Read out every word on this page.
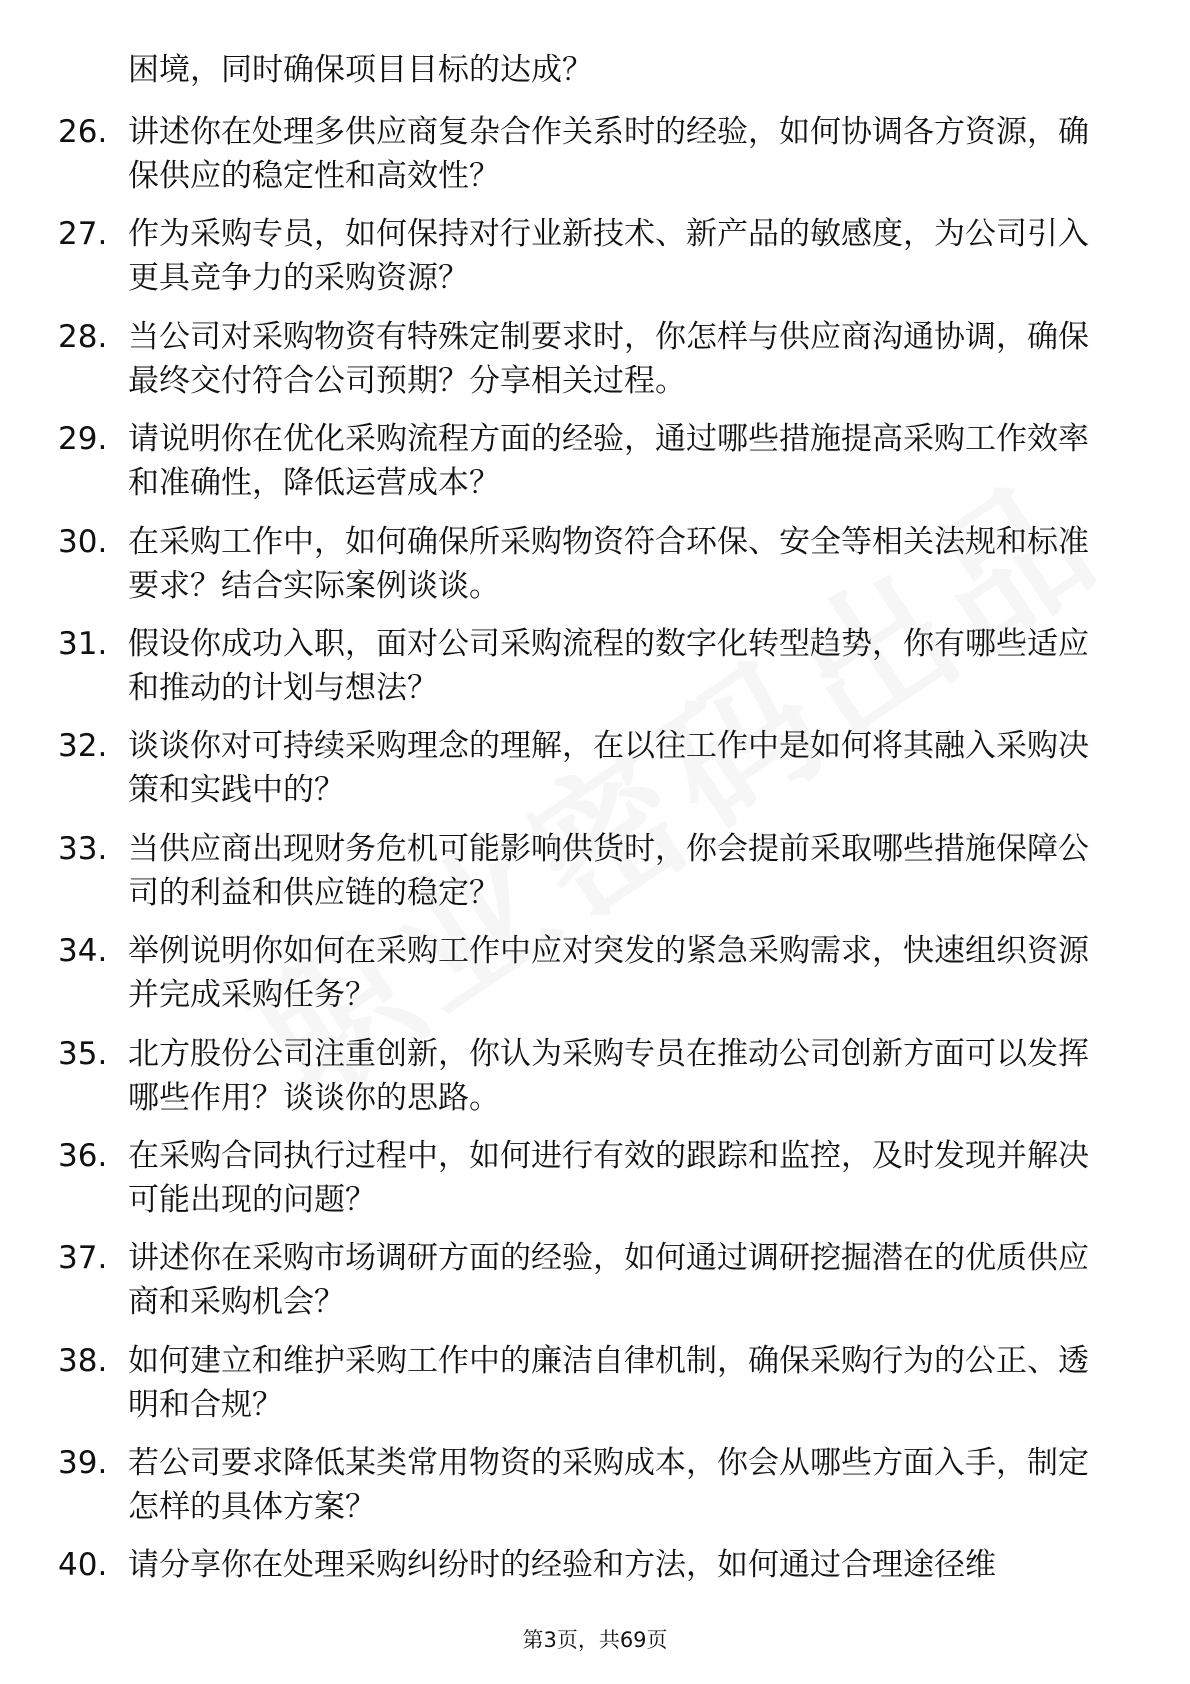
困境，同时确保项目目标的达成？

26. 讲述你在处理多供应商复杂合作关系时的经验，如何协调各方资源，确保供应的稳定性和高效性？
27. 作为采购专员，如何保持对行业新技术、新产品的敏感度，为公司引入更具竞争力的采购资源？
28. 当公司对采购物资有特殊定制要求时，你怎样与供应商沟通协调，确保最终交付符合公司预期？分享相关过程。
29. 请说明你在优化采购流程方面的经验，通过哪些措施提高采购工作效率和准确性，降低运营成本？
30. 在采购工作中，如何确保所采购物资符合环保、安全等相关法规和标准要求？结合实际案例谈谈。
31. 假设你成功入职，面对公司采购流程的数字化转型趋势，你有哪些适应和推动的计划与想法？
32. 谈谈你对可持续采购理念的理解，在以往工作中是如何将其融入采购决策和实践中的？
33. 当供应商出现财务危机可能影响供货时，你会提前采取哪些措施保障公司的利益和供应链的稳定？
34. 举例说明你如何在采购工作中应对突发的紧急采购需求，快速组织资源并完成采购任务？
35. 北方股份公司注重创新，你认为采购专员在推动公司创新方面可以发挥哪些作用？谈谈你的思路。
36. 在采购合同执行过程中，如何进行有效的跟踪和监控，及时发现并解决可能出现的问题？
37. 讲述你在采购市场调研方面的经验，如何通过调研挖掘潜在的优质供应商和采购机会？
38. 如何建立和维护采购工作中的廉洁自律机制，确保采购行为的公正、透明和合规？
39. 若公司要求降低某类常用物资的采购成本，你会从哪些方面入手，制定怎样的具体方案？
40. 请分享你在处理采购纠纷时的经验和方法，如何通过合理途径维
第3页，共69页
